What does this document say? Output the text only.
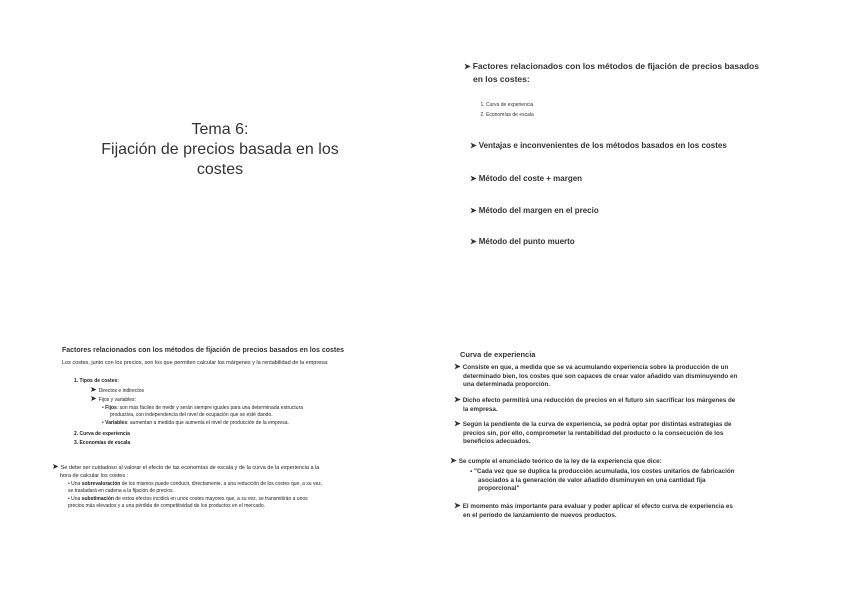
Tema 6:
Fijación de precios basada en los
costes
➤ Factores relacionados con los métodos de fijación de precios basados
en los costes:
1. Curva de experiencia
2. Economías de escala
➤ Ventajas e inconvenientes de los métodos basados en los costes
➤ Método del coste + margen
➤ Método del margen en el precio
➤ Método del punto muerto
Factores relacionados con los métodos de fijación de precios basados en los costes
Los costes, junto con los precios, son los que permiten calcular los márgenes y la rentabilidad de la empresa:
1. Tipos de costes:
➤ Directos e indirectos
➤ Fijos y variables:
• Fijos: son más fáciles de medir y serán siempre iguales para una determinada estructura
productiva, con independencia del nivel de ocupación que se esté dando.
• Variables: aumentan a medida que aumenta el nivel de producción de la empresa.
2. Curva de experiencia
3. Economías de escala
➤ Se debe ser cuidadoso al valorar el efecto de las economías de escala y de la curva de la experiencia a la
hora de calcular los costes :
• Una sobrevaloración de los mismos puede conducir, directamente, a una reducción de los costes que, a su vez,
se trasladará en cadena a la fijación de precios.
• Una substimación de estos efectos incidirá en unos costes mayores que, a su vez, se transmitirán a unos
precios más elevados y a una pérdida de competitividad de los productos en el mercado.
Curva de experiencia
➤ Consiste en que, a medida que se va acumulando experiencia sobre la producción de un
determinado bien, los costes que son capaces de crear valor añadido van disminuyendo en
una determinada proporción.
➤ Dicho efecto permitirá una reducción de precios en el futuro sin sacrificar los márgenes de
la empresa.
➤ Según la pendiente de la curva de experiencia, se podrá optar por distintas estrategias de
precios sin, por ello, comprometer la rentabilidad del producto o la consecución de los
beneficios adecuados.
➤ Se cumple el enunciado teórico de la ley de la experiencia que dice:
▪ "Cada vez que se duplica la producción acumulada, los costes unitarios de fabricación
asociados a la generación de valor añadido disminuyen en una cantidad fija
proporcional"
➤ El momento más importante para evaluar y poder aplicar el efecto curva de experiencia es
en el período de lanzamiento de nuevos productos.
